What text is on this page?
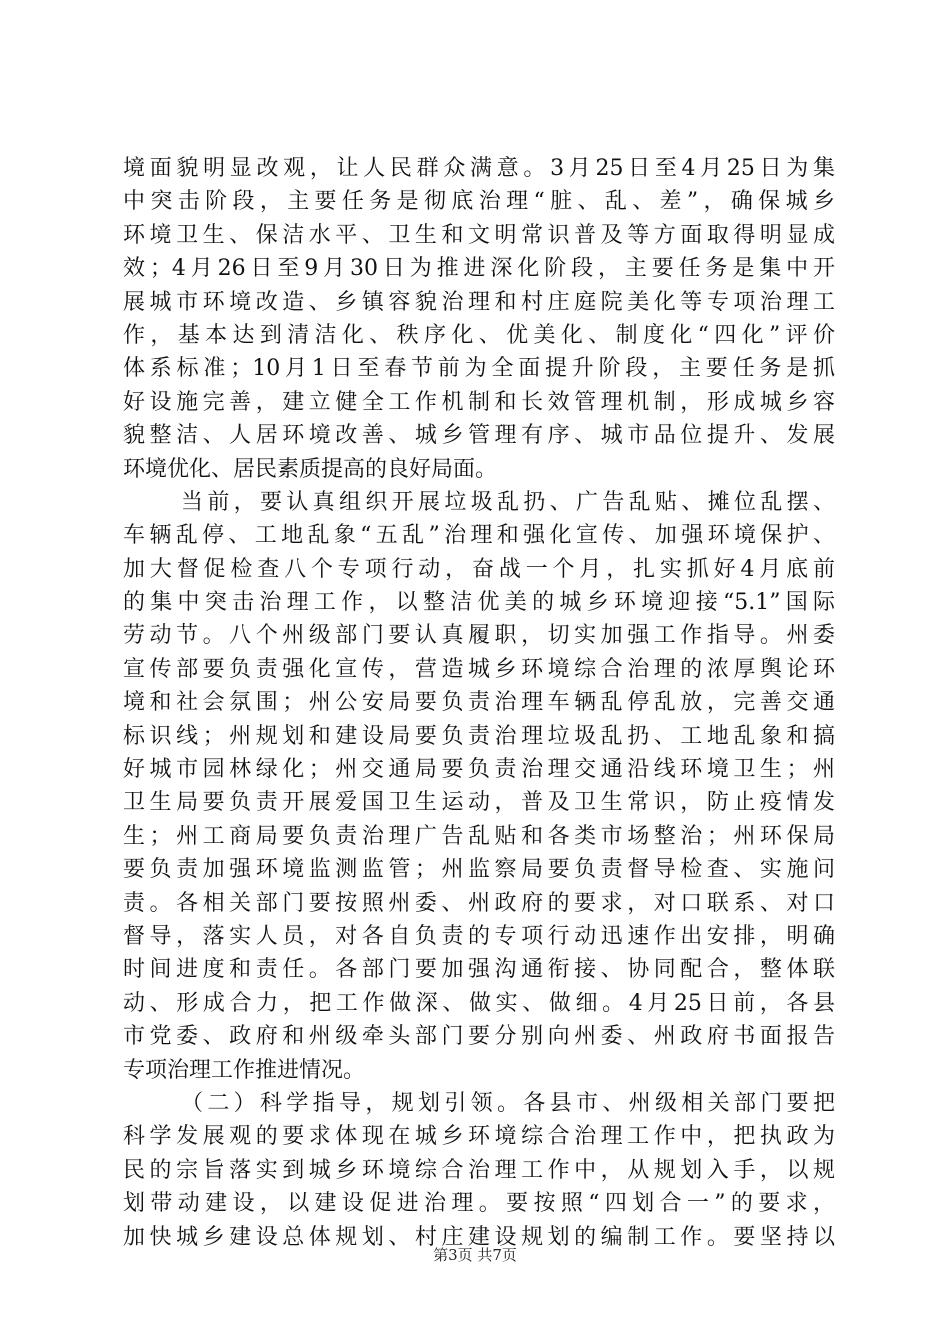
境面貌明显改观，让人民群众满意。3月25日至4月25日为集
中突击阶段，主要任务是彻底治理“脏、乱、差”，确保城乡
环境卫生、保洁水平、卫生和文明常识普及等方面取得明显成
效；4月26日至9月30日为推进深化阶段，主要任务是集中开
展城市环境改造、乡镇容貌治理和村庄庭院美化等专项治理工
作，基本达到清洁化、秩序化、优美化、制度化“四化”评价
体系标准；10月1日至春节前为全面提升阶段，主要任务是抓
好设施完善，建立健全工作机制和长效管理机制，形成城乡容
貌整洁、人居环境改善、城乡管理有序、城市品位提升、发展
环境优化、居民素质提高的良好局面。
当前，要认真组织开展垃圾乱扔、广告乱贴、摊位乱摆、
车辆乱停、工地乱象“五乱”治理和强化宣传、加强环境保护、
加大督促检查八个专项行动，奋战一个月，扎实抓好4月底前
的集中突击治理工作，以整洁优美的城乡环境迎接“5.1”国际
劳动节。八个州级部门要认真履职，切实加强工作指导。州委
宣传部要负责强化宣传，营造城乡环境综合治理的浓厚舆论环
境和社会氛围；州公安局要负责治理车辆乱停乱放，完善交通
标识线；州规划和建设局要负责治理垃圾乱扔、工地乱象和搞
好城市园林绿化；州交通局要负责治理交通沿线环境卫生；州
卫生局要负责开展爱国卫生运动，普及卫生常识，防止疫情发
生；州工商局要负责治理广告乱贴和各类市场整治；州环保局
要负责加强环境监测监管；州监察局要负责督导检查、实施问
责。各相关部门要按照州委、州政府的要求，对口联系、对口
督导，落实人员，对各自负责的专项行动迅速作出安排，明确
时间进度和责任。各部门要加强沟通衔接、协同配合，整体联
动、形成合力，把工作做深、做实、做细。4月25日前，各县
市党委、政府和州级牵头部门要分别向州委、州政府书面报告
专项治理工作推进情况。
（二）科学指导，规划引领。各县市、州级相关部门要把
科学发展观的要求体现在城乡环境综合治理工作中，把执政为
民的宗旨落实到城乡环境综合治理工作中，从规划入手，以规
划带动建设，以建设促进治理。要按照“四划合一”的要求，
加快城乡建设总体规划、村庄建设规划的编制工作。要坚持以
第3页 共7页
